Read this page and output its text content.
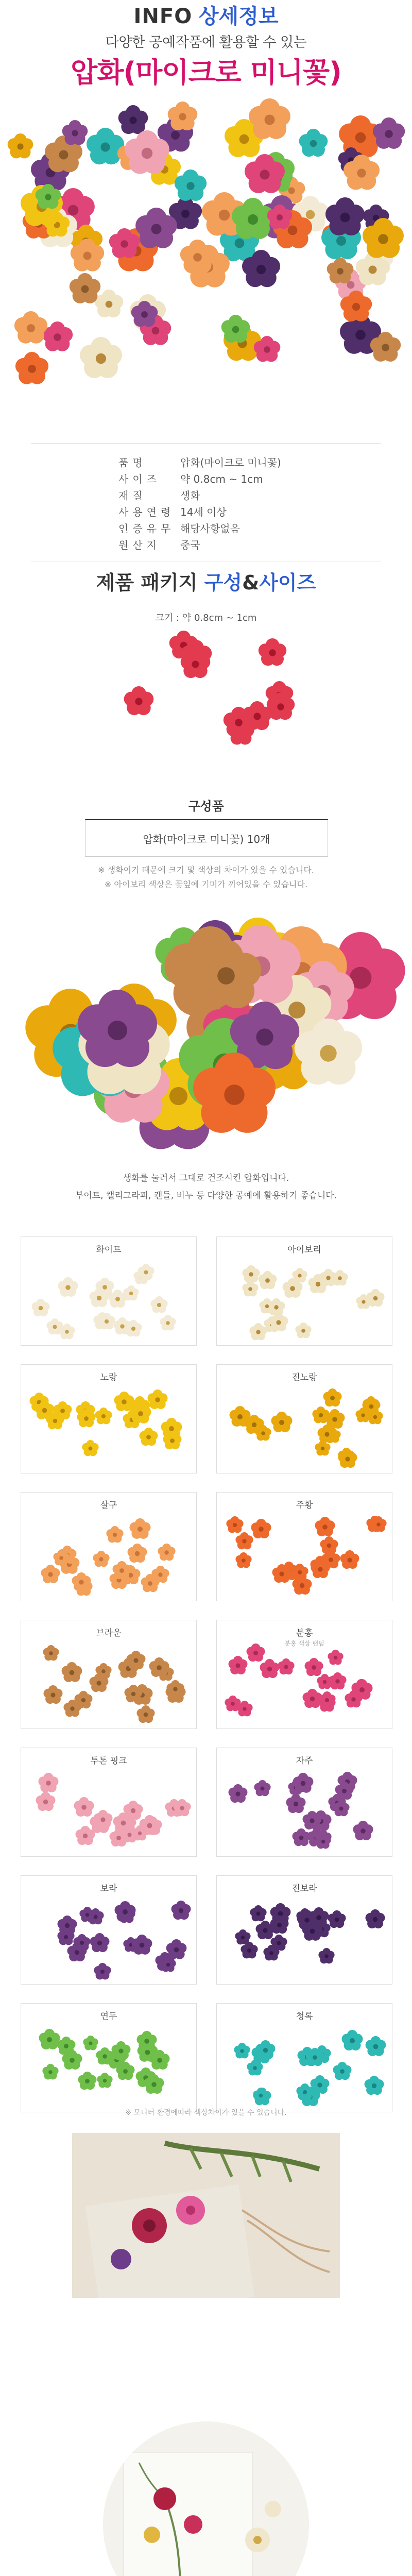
다양한 공예작품에 활용할 수 있는
압화(마이크로 미니꽃)
INFO 상세정보
품명	압화(마이크로 미니꽃)
사이즈	약 0.8cm ~ 1cm
재질	생화
사용연령 14세 이상
인증유무 해당사항없음
원산지	중국
제품 패키지 구성&사이즈
크기 : 약 0.8cm ~ 1cm
구성품
압화(마이크로 미니꽃) 10개
※ 생화이기 때문에 크기 및 색상의 차이가 있을 수 있습니다.
※ 아이보리 색상은 꽃잎에 기미가 끼어있을 수 있습니다.
생화를 눌러서 그대로 건조시킨 압화입니다.
부이트, 캘리그라피, 캔들, 비누 등 다양한 공예에 활용하기 좋습니다.
화이트	아이보리
노랑	진노랑
살구	주황
브라운	분홍
분홍 색상 랜덤
투톤 핑크	자주
보라	진보라
연두	청록
※ 모니터 환경에따라 색상차이가 있을 수 있습니다.
